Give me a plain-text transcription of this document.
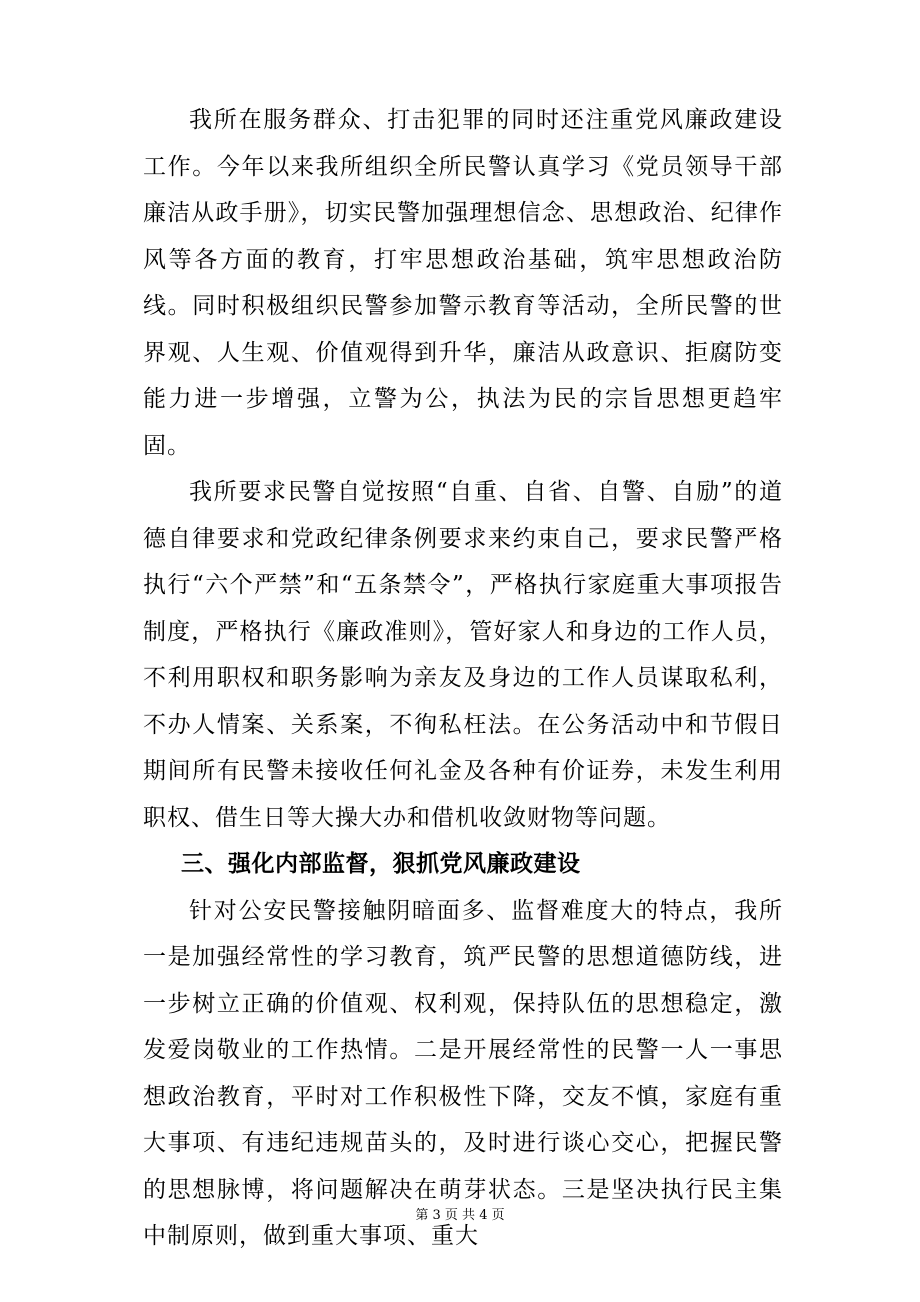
我所在服务群众、打击犯罪的同时还注重党风廉政建设工作。今年以来我所组织全所民警认真学习《党员领导干部廉洁从政手册》，切实民警加强理想信念、思想政治、纪律作风等各方面的教育，打牢思想政治基础，筑牢思想政治防线。同时积极组织民警参加警示教育等活动，全所民警的世界观、人生观、价值观得到升华，廉洁从政意识、拒腐防变能力进一步增强，立警为公，执法为民的宗旨思想更趋牢固。

我所要求民警自觉按照“自重、自省、自警、自励”的道德自律要求和党政纪律条例要求来约束自己，要求民警严格执行“六个严禁”和“五条禁令”，严格执行家庭重大事项报告制度，严格执行《廉政准则》，管好家人和身边的工作人员，不利用职权和职务影响为亲友及身边的工作人员谋取私利，不办人情案、关系案，不徇私枉法。在公务活动中和节假日期间所有民警未接收任何礼金及各种有价证券，未发生利用职权、借生日等大操大办和借机收敛财物等问题。

三、强化内部监督，狠抓党风廉政建设

针对公安民警接触阴暗面多、监督难度大的特点，我所一是加强经常性的学习教育，筑严民警的思想道德防线，进一步树立正确的价值观、权利观，保持队伍的思想稳定，激发爱岗敬业的工作热情。二是开展经常性的民警一人一事思想政治教育，平时对工作积极性下降，交友不慎，家庭有重大事项、有违纪违规苗头的，及时进行谈心交心，把握民警的思想脉博，将问题解决在萌芽状态。三是坚决执行民主集中制原则，做到重大事项、重大

第 3 页 共 4 页
